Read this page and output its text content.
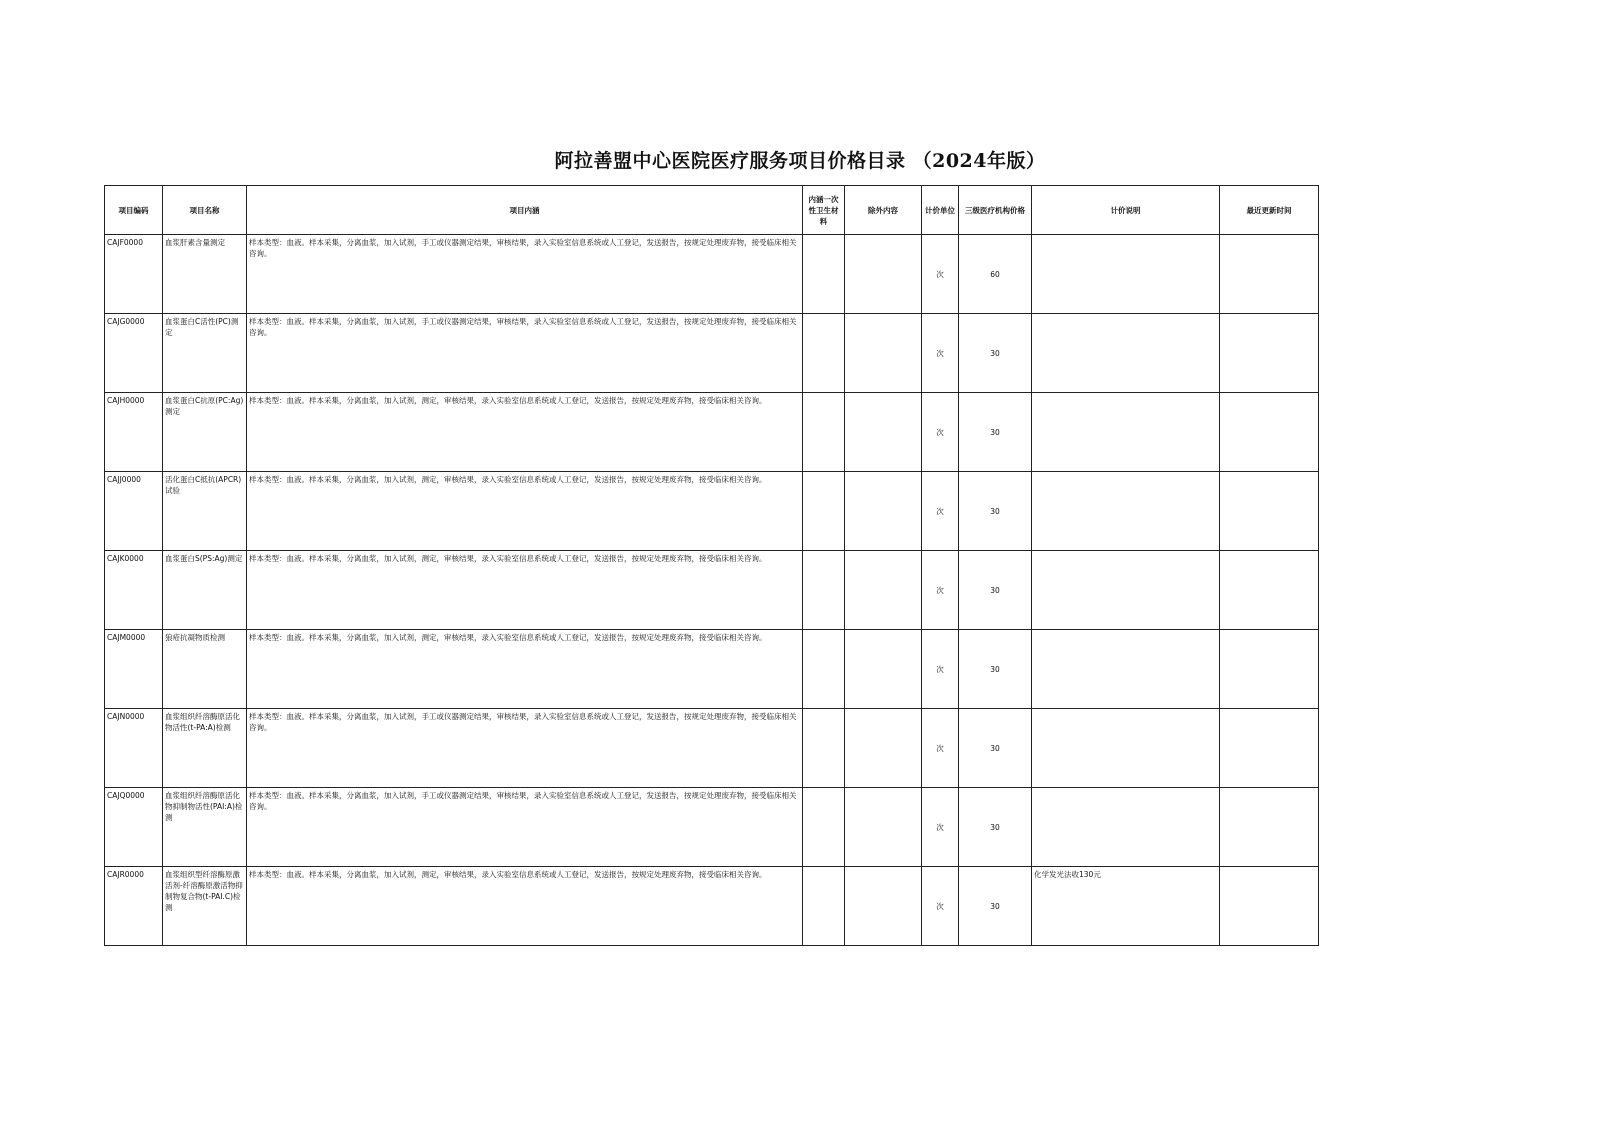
阿拉善盟中心医院医疗服务项目价格目录 （2024年版）
项目编码	项目名称	项目内涵	内涵一次性卫生材料	除外内容	计价单位	三级医疗机构价格	计价说明	最近更新时间
CAJF0000	血浆肝素含量测定	样本类型：血液。样本采集，分离血浆，加入试剂，手工或仪器测定结果，审核结果，录入实验室信息系统或人工登记，发送报告，按规定处理废弃物，接受临床相关咨询。			次	60		
CAJG0000	血浆蛋白C活性(PC)测定	样本类型：血液。样本采集，分离血浆，加入试剂，手工或仪器测定结果，审核结果，录入实验室信息系统或人工登记，发送报告，按规定处理废弃物，接受临床相关咨询。			次	30		
CAJH0000	血浆蛋白C抗原(PC:Ag)测定	样本类型：血液。样本采集，分离血浆，加入试剂，测定，审核结果，录入实验室信息系统或人工登记，发送报告，按规定处理废弃物，接受临床相关咨询。			次	30		
CAJJ0000	活化蛋白C抵抗(APCR)试验	样本类型：血液。样本采集，分离血浆，加入试剂，测定，审核结果，录入实验室信息系统或人工登记，发送报告，按规定处理废弃物，接受临床相关咨询。			次	30		
CAJK0000	血浆蛋白S(PS:Ag)测定	样本类型：血液。样本采集，分离血浆，加入试剂，测定，审核结果，录入实验室信息系统或人工登记，发送报告，按规定处理废弃物，接受临床相关咨询。			次	30		
CAJM0000	狼疮抗凝物质检测	样本类型：血液。样本采集，分离血浆，加入试剂，测定，审核结果，录入实验室信息系统或人工登记，发送报告，按规定处理废弃物，接受临床相关咨询。			次	30		
CAJN0000	血浆组织纤溶酶原活化物活性(t-PA:A)检测	样本类型：血液。样本采集，分离血浆，加入试剂，手工或仪器测定结果，审核结果，录入实验室信息系统或人工登记，发送报告，按规定处理废弃物，接受临床相关咨询。			次	30		
CAJQ0000	血浆组织纤溶酶原活化物抑制物活性(PAI:A)检测	样本类型：血液。样本采集，分离血浆，加入试剂，手工或仪器测定结果，审核结果，录入实验室信息系统或人工登记，发送报告，按规定处理废弃物，接受临床相关咨询。			次	30		
CAJR0000	血浆组织型纤溶酶原激活剂-纤溶酶原激活物抑制物复合物(t-PAI.C)检测	样本类型：血液。样本采集，分离血浆，加入试剂，测定，审核结果，录入实验室信息系统或人工登记，发送报告，按规定处理废弃物，接受临床相关咨询。			次	30	化学发光法收130元	
